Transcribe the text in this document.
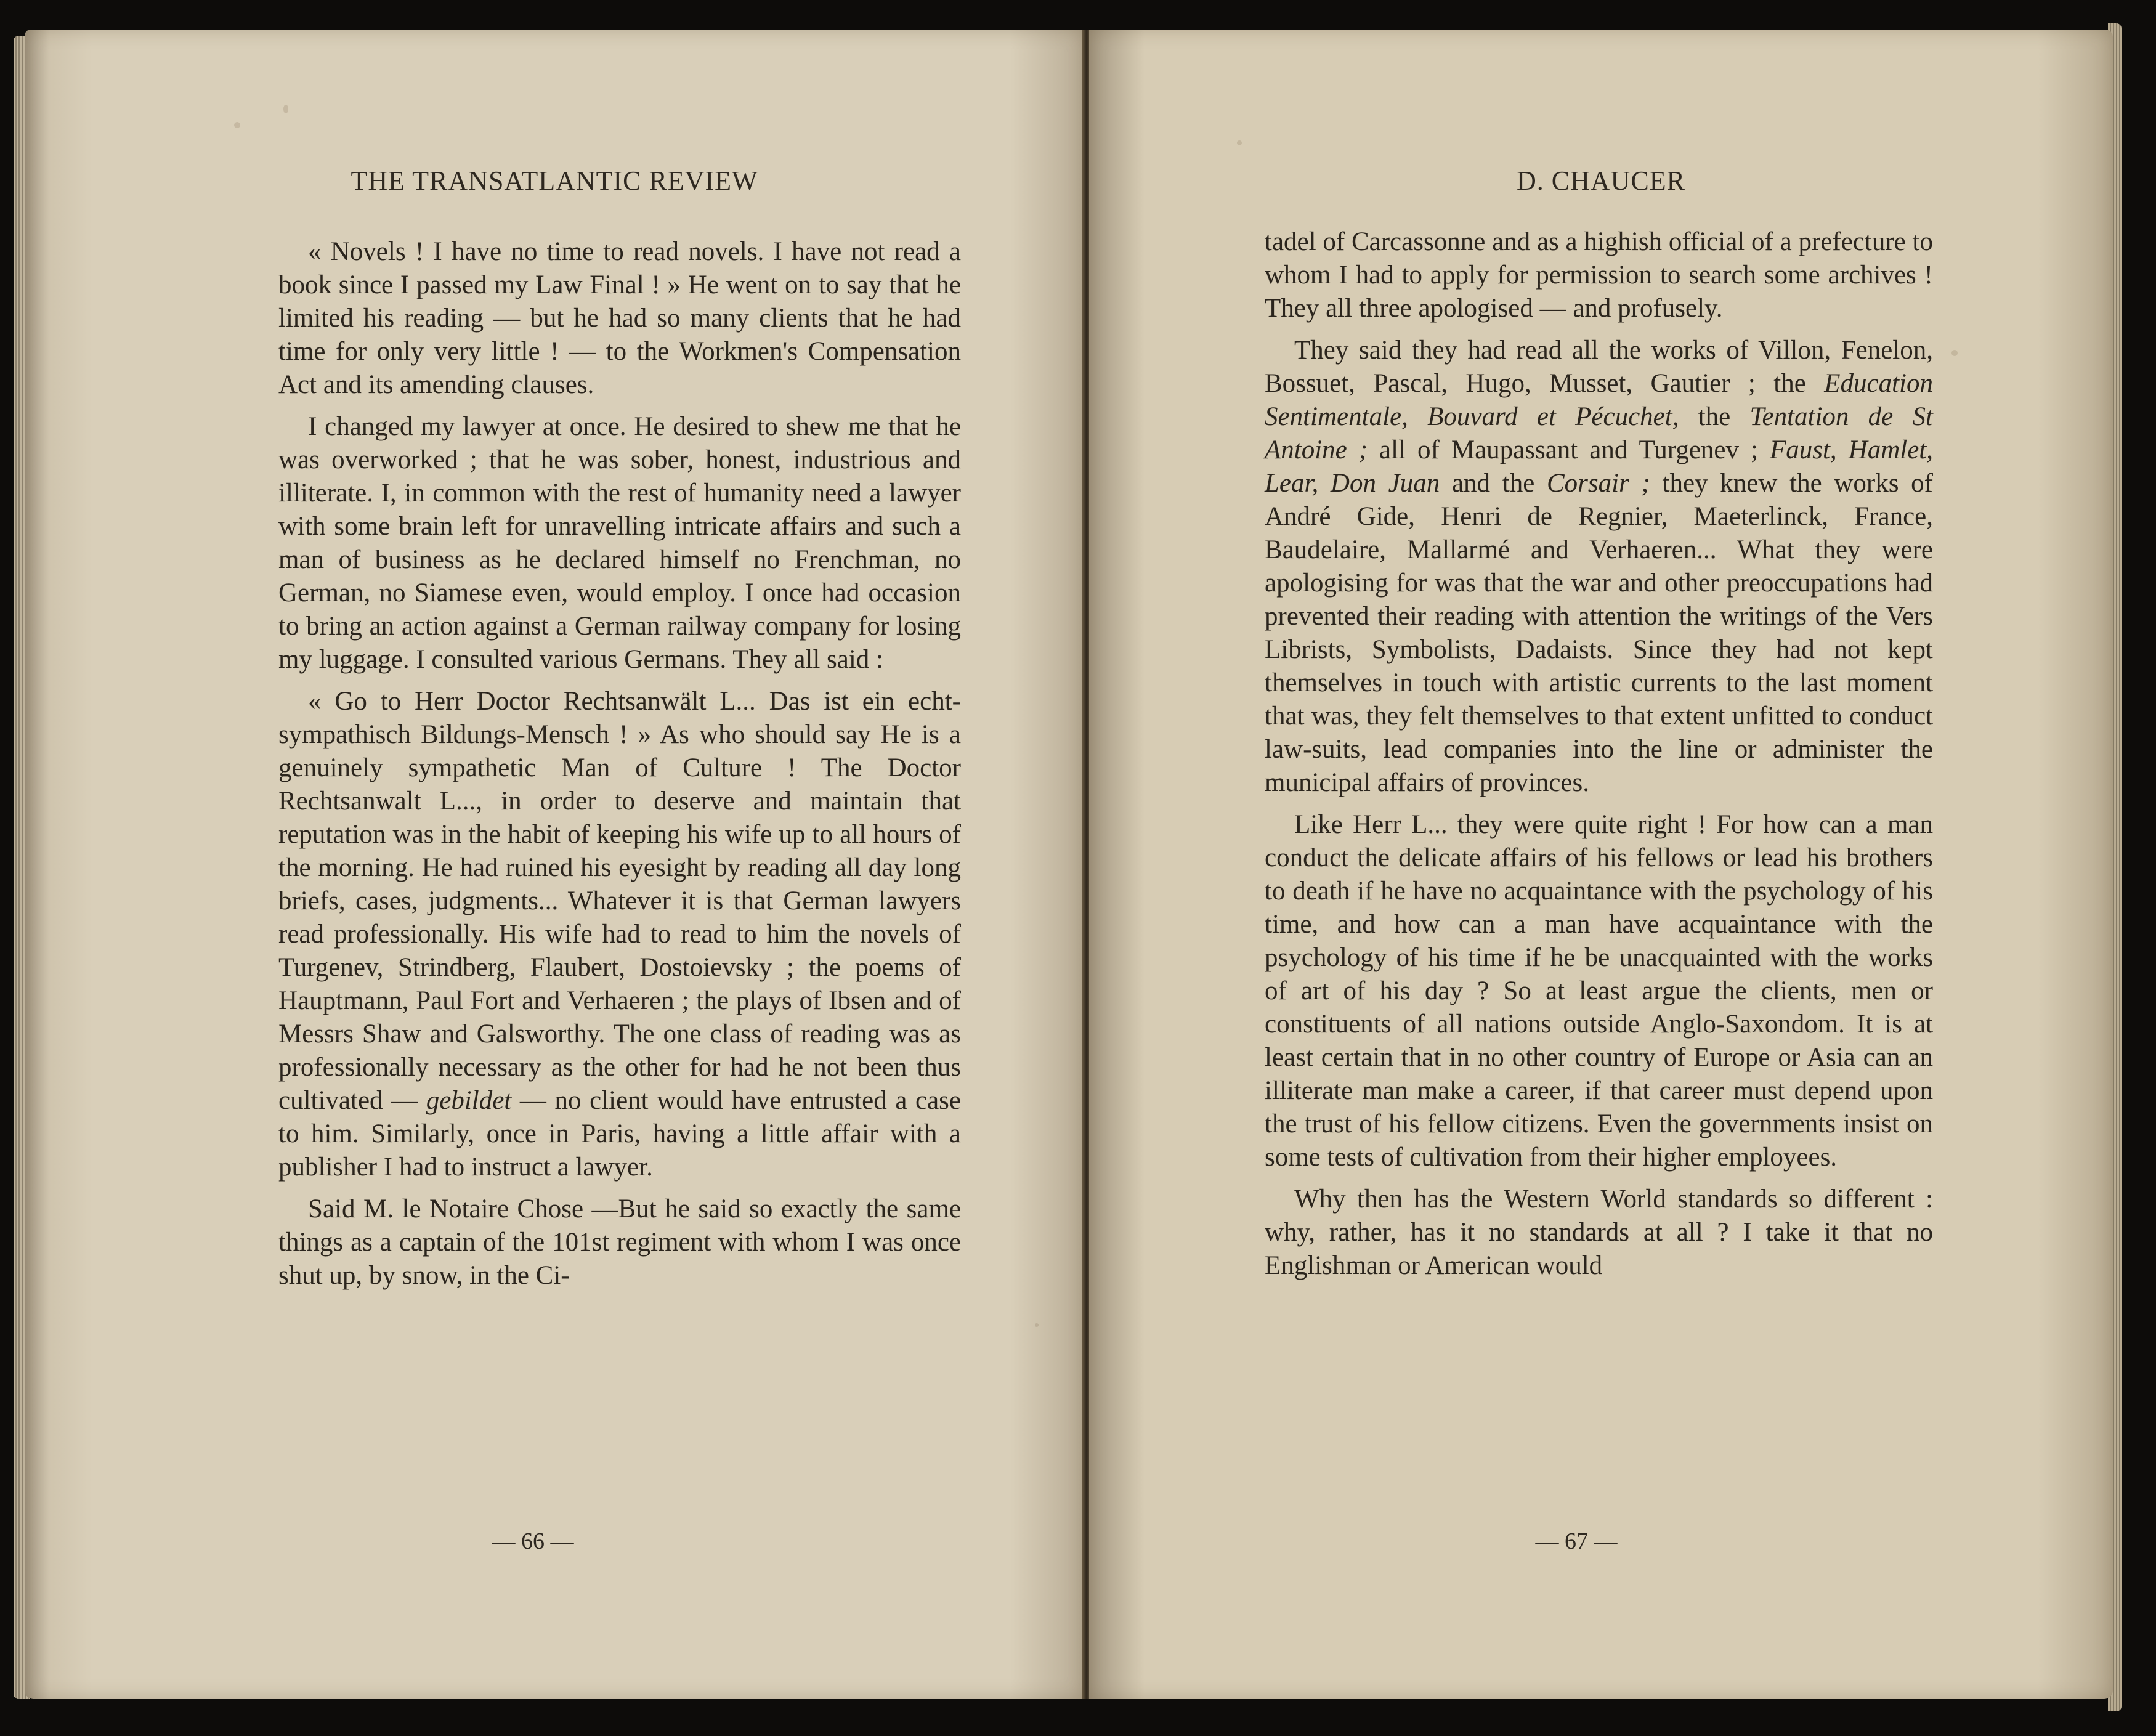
THE TRANSATLANTIC REVIEW

« Novels ! I have no time to read novels. I have not read a book since I passed my Law Final ! » He went on to say that he limited his reading — but he had so many clients that he had time for only very little ! — to the Workmen's Compensation Act and its amending clauses.

I changed my lawyer at once. He desired to shew me that he was overworked ; that he was sober, honest, industrious and illiterate. I, in common with the rest of humanity need a lawyer with some brain left for unravelling intricate affairs and such a man of business as he declared himself no Frenchman, no German, no Siamese even, would employ. I once had occasion to bring an action against a German railway company for losing my luggage. I consulted various Germans. They all said :

« Go to Herr Doctor Rechtsanwält L... Das ist ein echt-sympathisch Bildungs-Mensch ! » As who should say He is a genuinely sympathetic Man of Culture ! The Doctor Rechtsanwalt L..., in order to deserve and maintain that reputation was in the habit of keeping his wife up to all hours of the morning. He had ruined his eyesight by reading all day long briefs, cases, judgments... Whatever it is that German lawyers read professionally. His wife had to read to him the novels of Turgenev, Strindberg, Flaubert, Dostoievsky ; the poems of Hauptmann, Paul Fort and Verhaeren ; the plays of Ibsen and of Messrs Shaw and Galsworthy. The one class of reading was as professionally necessary as the other for had he not been thus cultivated — gebildet — no client would have entrusted a case to him. Similarly, once in Paris, having a little affair with a publisher I had to instruct a lawyer.

Said M. le Notaire Chose —But he said so exactly the same things as a captain of the 101st regiment with whom I was once shut up, by snow, in the Ci-

— 66 —
D. CHAUCER

tadel of Carcassonne and as a highish official of a prefecture to whom I had to apply for permission to search some archives ! They all three apologised — and profusely.

They said they had read all the works of Villon, Fenelon, Bossuet, Pascal, Hugo, Musset, Gautier ; the Education Sentimentale, Bouvard et Pécuchet, the Tentation de St Antoine ; all of Maupassant and Turgenev ; Faust, Hamlet, Lear, Don Juan and the Corsair ; they knew the works of André Gide, Henri de Regnier, Maeterlinck, France, Baudelaire, Mallarmé and Verhaeren... What they were apologising for was that the war and other preoccupations had prevented their reading with attention the writings of the Vers Librists, Symbolists, Dadaists. Since they had not kept themselves in touch with artistic currents to the last moment that was, they felt themselves to that extent unfitted to conduct law-suits, lead companies into the line or administer the municipal affairs of provinces.

Like Herr L... they were quite right ! For how can a man conduct the delicate affairs of his fellows or lead his brothers to death if he have no acquaintance with the psychology of his time, and how can a man have acquaintance with the psychology of his time if he be unacquainted with the works of art of his day ? So at least argue the clients, men or constituents of all nations outside Anglo-Saxondom. It is at least certain that in no other country of Europe or Asia can an illiterate man make a career, if that career must depend upon the trust of his fellow citizens. Even the governments insist on some tests of cultivation from their higher employees.

Why then has the Western World standards so different : why, rather, has it no standards at all ? I take it that no Englishman or American would

— 67 —
